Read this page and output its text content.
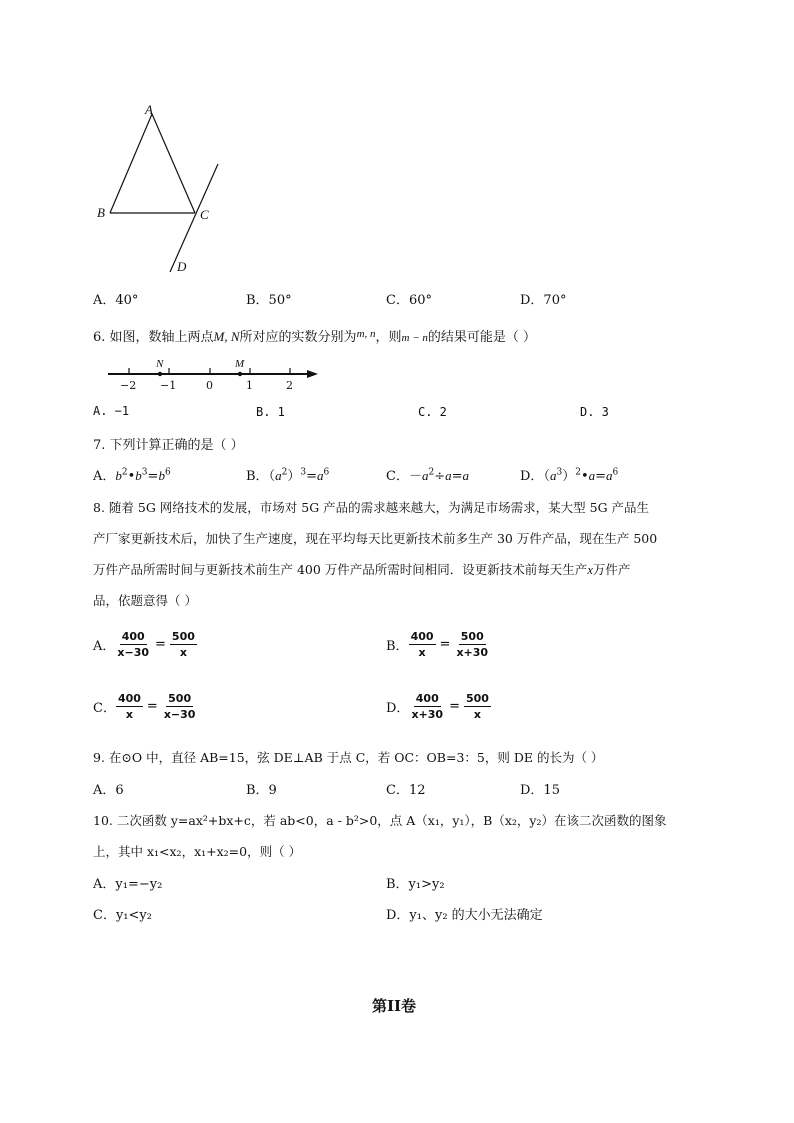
A
B	C
D
A．40°	B．50°	C．60°	D．70°
6. 如图，数轴上两点M, N所对应的实数分别为$^{m, n}$，则m − n的结果可能是（ ）
N	M
−2 −1	0	1	2
A. −1	B. 1	C. 2	D. 3
7. 下列计算正确的是（ ）
A．$b^2•b^3=b^6$	B．$(a^2)^3=a^6$	C．$-a^2\div a=a$	D．$(a^3)^2•a=a^6$
8. 随着 5G 网络技术的发展，市场对 5G 产品的需求越来越大，为满足市场需求，某大型 5G 产品生
产厂家更新技术后，加快了生产速度，现在平均每天比更新技术前多生产 30 万件产品，现在生产 500
万件产品所需时间与更新技术前生产 400 万件产品所需时间相同．设更新技术前每天生产x万件产
品，依题意得（ ）
A． $\frac{400}{x-30} = \frac{500}{x}$	B． $\frac{400}{x} = \frac{500}{x+30}$
C． $\frac{400}{x} = \frac{500}{x-30}$	D． $\frac{400}{x+30} = \frac{500}{x}$
9. 在⊙O 中，直径 AB=15，弦 DE⊥AB 于点 C，若 OC：OB=3：5，则 DE 的长为（ ）
A．6	B．9	C．12	D．15
10. 二次函数 y=ax²+bx+c，若 ab<0，a - b²>0，点 A（x₁，y₁），B（x₂，y₂）在该二次函数的图象
上，其中 x₁<x₂，x₁+x₂=0，则（ ）
A．y₁=−y₂	B．y₁>y₂
C．y₁<y₂	D．y₁、y₂ 的大小无法确定
第II卷
